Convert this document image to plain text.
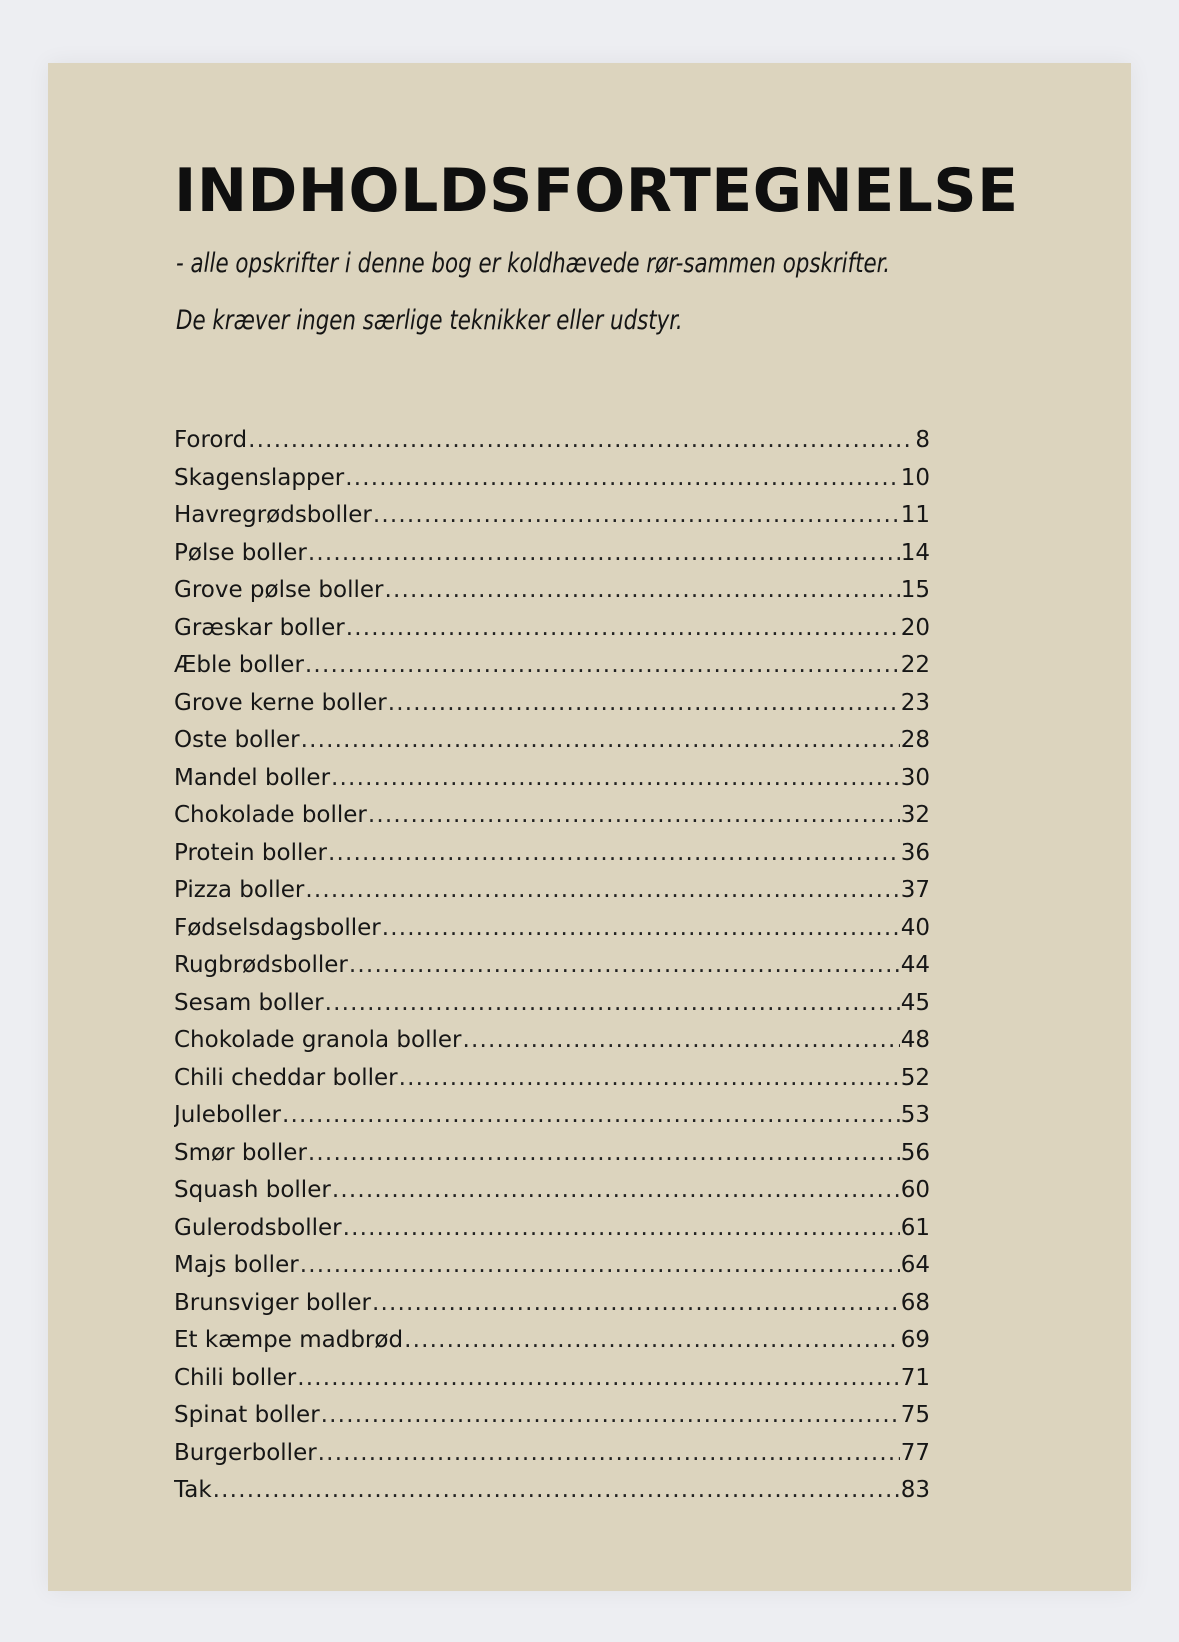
INDHOLDSFORTEGNELSE
- alle opskrifter i denne bog er koldhævede rør-sammen opskrifter.
De kræver ingen særlige teknikker eller udstyr.
Forord .....	8
Skagenslapper .....	10
Havregrødsboller .....	11
Pølse boller .....	14
Grove pølse boller .....	15
Græskar boller .....	20
Æble boller .....	22
Grove kerne boller .....	23
Oste boller .....	28
Mandel boller .....	30
Chokolade boller .....	32
Protein boller .....	36
Pizza boller .....	37
Fødselsdagsboller .....	40
Rugbrødsboller .....	44
Sesam boller .....	45
Chokolade granola boller .....	48
Chili cheddar boller .....	52
Juleboller .....	53
Smør boller .....	56
Squash boller .....	60
Gulerodsboller .....	61
Majs boller .....	64
Brunsviger boller .....	68
Et kæmpe madbrød .....	69
Chili boller .....	71
Spinat boller .....	75
Burgerboller .....	77
Tak .....	83
